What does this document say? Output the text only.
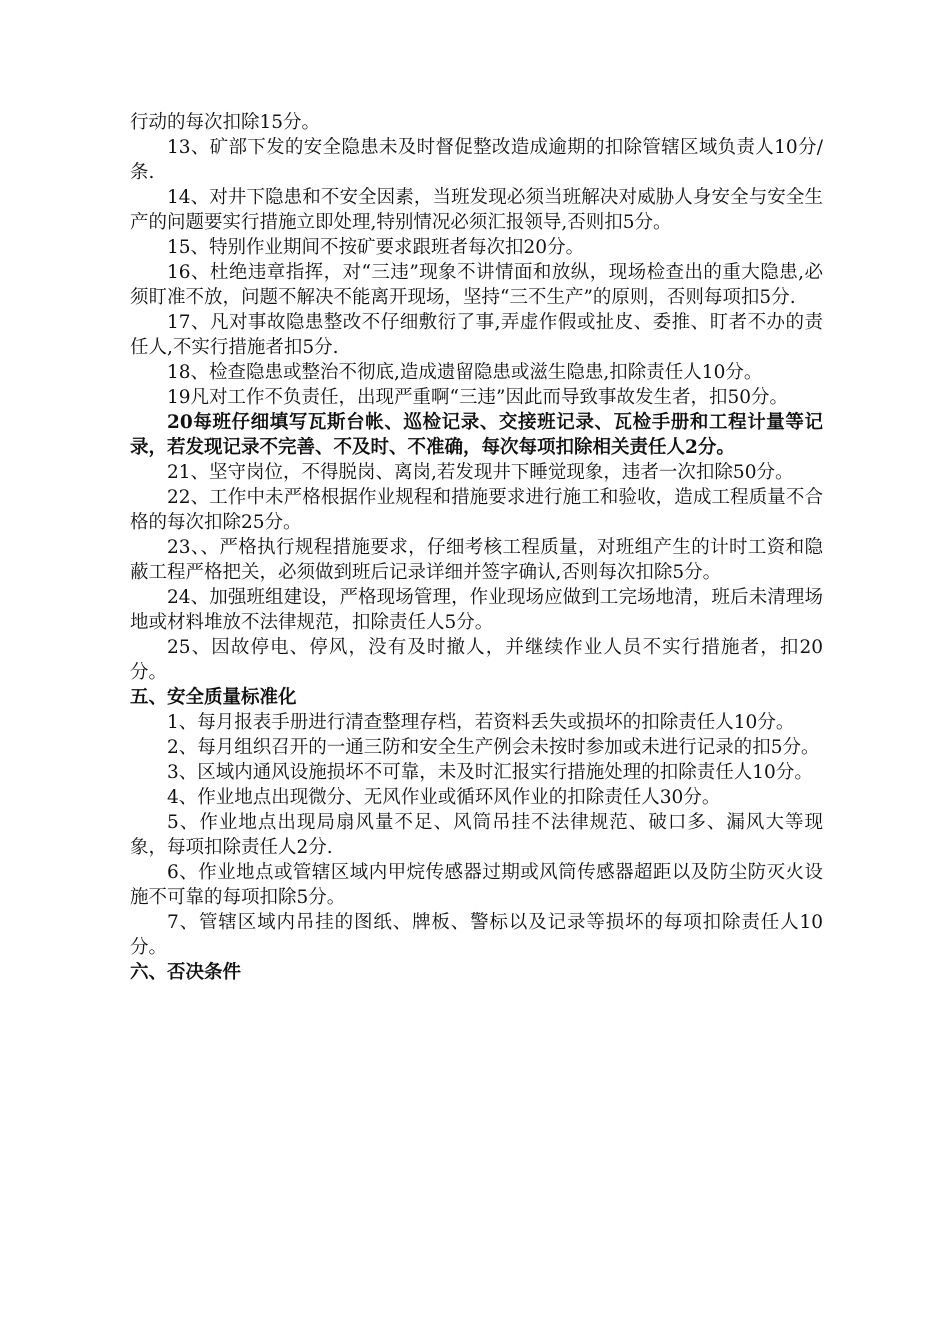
行动的每次扣除15分。

13、矿部下发的安全隐患未及时督促整改造成逾期的扣除管辖区域负责人10分/条.

14、对井下隐患和不安全因素，当班发现必须当班解决对威胁人身安全与安全生产的问题要实行措施立即处理,特别情况必须汇报领导,否则扣5分。

15、特别作业期间不按矿要求跟班者每次扣20分。

16、杜绝违章指挥，对“三违”现象不讲情面和放纵，现场检查出的重大隐患,必须盯准不放，问题不解决不能离开现场，坚持“三不生产”的原则，否则每项扣5分.

17、凡对事故隐患整改不仔细敷衍了事,弄虚作假或扯皮、委推、盯者不办的责任人,不实行措施者扣5分.

18、检查隐患或整治不彻底,造成遗留隐患或滋生隐患,扣除责任人10分。

19凡对工作不负责任，出现严重啊“三违”因此而导致事故发生者，扣50分。

20每班仔细填写瓦斯台帐、巡检记录、交接班记录、瓦检手册和工程计量等记录，若发现记录不完善、不及时、不准确，每次每项扣除相关责任人2分。

21、坚守岗位，不得脱岗、离岗,若发现井下睡觉现象，违者一次扣除50分。

22、工作中未严格根据作业规程和措施要求进行施工和验收，造成工程质量不合格的每次扣除25分。

23、、严格执行规程措施要求，仔细考核工程质量，对班组产生的计时工资和隐蔽工程严格把关，必须做到班后记录详细并签字确认,否则每次扣除5分。

24、加强班组建设，严格现场管理，作业现场应做到工完场地清，班后未清理场地或材料堆放不法律规范，扣除责任人5分。

25、因故停电、停风，没有及时撤人，并继续作业人员不实行措施者，扣20分。

五、安全质量标准化

1、每月报表手册进行清查整理存档，若资料丢失或损坏的扣除责任人10分。

2、每月组织召开的一通三防和安全生产例会未按时参加或未进行记录的扣5分。

3、区域内通风设施损坏不可靠，未及时汇报实行措施处理的扣除责任人10分。

4、作业地点出现微分、无风作业或循环风作业的扣除责任人30分。

5、作业地点出现局扇风量不足、风筒吊挂不法律规范、破口多、漏风大等现象，每项扣除责任人2分.

6、作业地点或管辖区域内甲烷传感器过期或风筒传感器超距以及防尘防灭火设施不可靠的每项扣除5分。

7、管辖区域内吊挂的图纸、牌板、警标以及记录等损坏的每项扣除责任人10分。

六、否决条件
